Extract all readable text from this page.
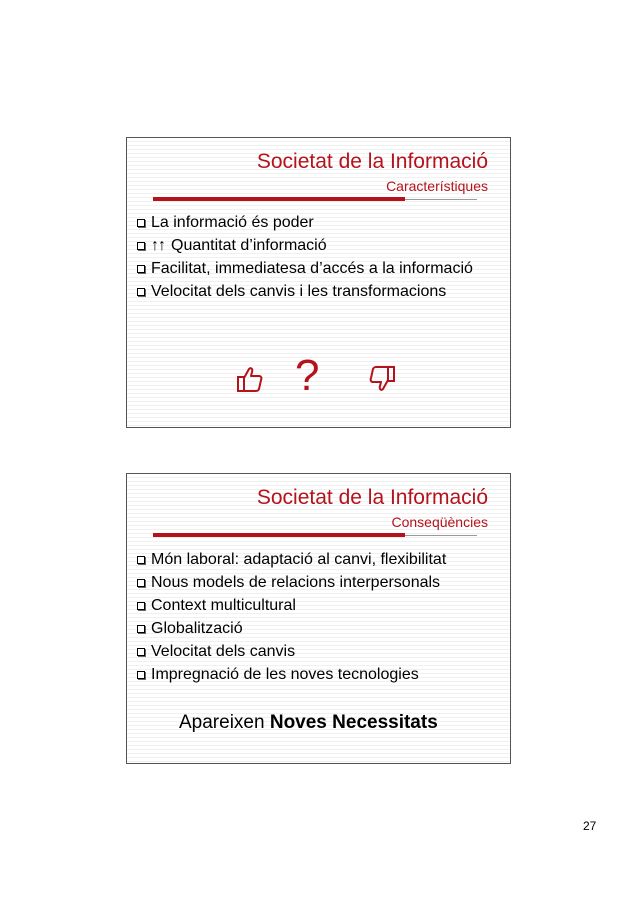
Societat de la Informació
Característiques
La informació és poder
↑↑ Quantitat d’informació
Facilitat, immediatesa d’accés a la informació
Velocitat dels canvis i les transformacions
?
Societat de la Informació
Conseqüències
Món laboral: adaptació al canvi, flexibilitat
Nous models de relacions interpersonals
Context multicultural
Globalització
Velocitat dels canvis
Impregnació de les noves tecnologies
Apareixen Noves Necessitats
27
